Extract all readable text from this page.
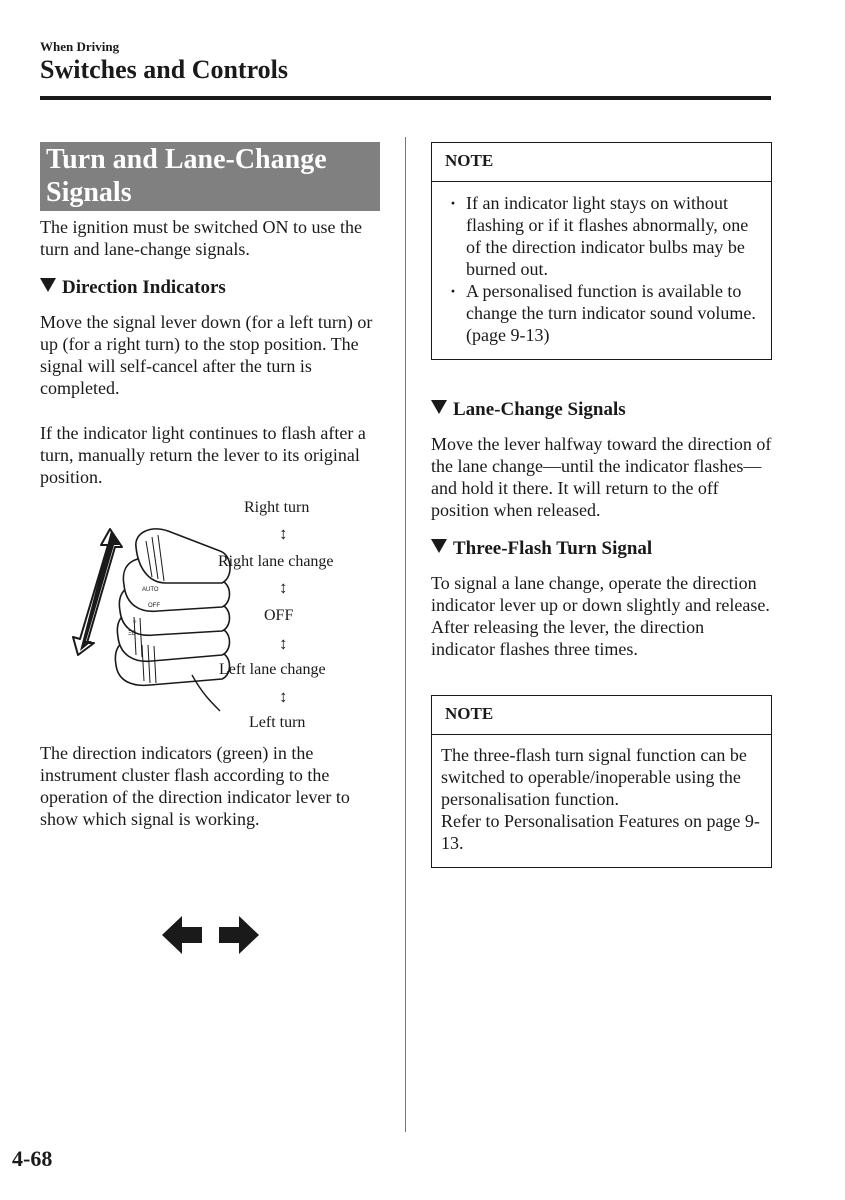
When Driving
Switches and Controls
Turn and Lane-Change Signals

The ignition must be switched ON to use the turn and lane-change signals.

Direction Indicators

Move the signal lever down (for a left turn) or up (for a right turn) to the stop position. The signal will self-cancel after the turn is completed.

If the indicator light continues to flash after a turn, manually return the lever to its original position.

AUTO
OFF
☼
ΞD
Right turn
↕
Right lane change
↕
OFF
↕
Left lane change
↕
Left turn

The direction indicators (green) in the instrument cluster flash according to the operation of the direction indicator lever to show which signal is working.

NOTE
· If an indicator light stays on without flashing or if it flashes abnormally, one of the direction indicator bulbs may be burned out.
· A personalised function is available to change the turn indicator sound volume. (page 9-13)
Lane-Change Signals

Move the lever halfway toward the direction of the lane change—until the indicator flashes— and hold it there. It will return to the off position when released.

Three-Flash Turn Signal

To signal a lane change, operate the direction indicator lever up or down slightly and release. After releasing the lever, the direction indicator flashes three times.

NOTE

The three-flash turn signal function can be switched to operable/inoperable using the personalisation function.

Refer to Personalisation Features on page 9-13.

4-68
